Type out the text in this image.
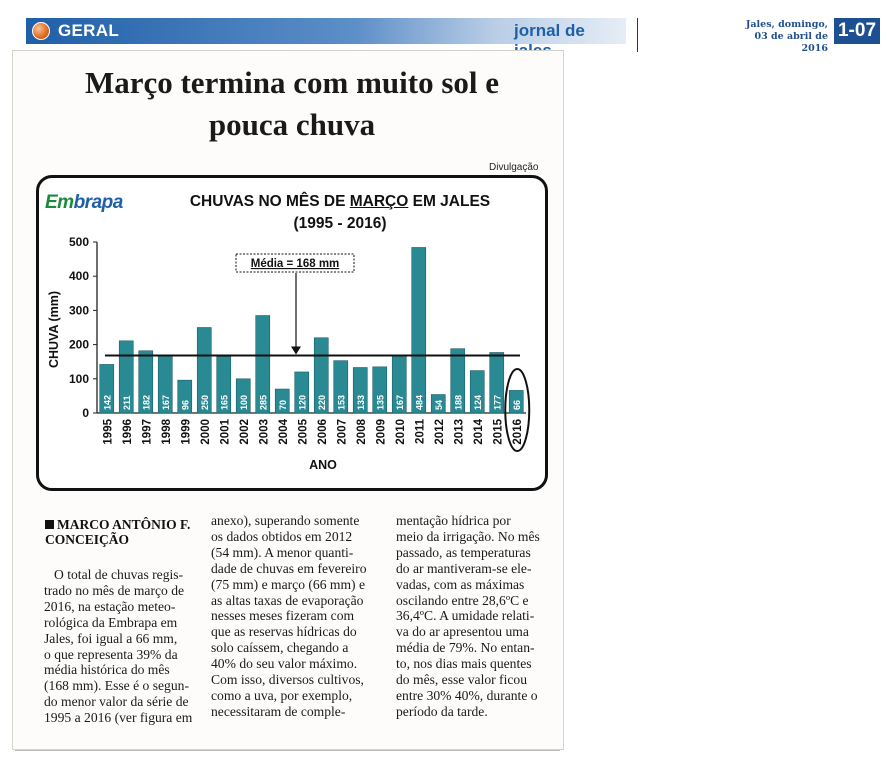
GERAL	jornal de	Jales, domingo,
03 de abril de 2016
1-07
Março termina com muito sol e
pouca chuva
Divulgação
Embrapa	CHUVAS NO MÊS DE MARÇO EM JALES
(1995 - 2016)
0
100
200
300
400
500
142
1995
211
1996
182
1997
167
1998
96
1999
250
2000
165
2001
100
2002
285
2003
70
2004
120
2005
220
2006
153
2007
133
2008
135
2009
167
2010
484
2011
54
2012
188
2013
124
2014
177
2015
66
2016
Média = 168 mm
CHUVA (mm)
ANO
MARCO ANTÔNIO F.
CONCEIÇÃO
O total de chuvas regis-
trado no mês de março de
2016, na estação meteo-
rológica da Embrapa em
Jales, foi igual a 66 mm,
o que representa 39% da
média histórica do mês
(168 mm). Esse é o segun-
do menor valor da série de
1995 a 2016 (ver figura em
anexo), superando somente
os dados obtidos em 2012
(54 mm). A menor quanti-
dade de chuvas em fevereiro
(75 mm) e março (66 mm) e
as altas taxas de evaporação
nesses meses fizeram com
que as reservas hídricas do
solo caíssem, chegando a
40% do seu valor máximo.
Com isso, diversos cultivos,
como a uva, por exemplo,
necessitaram de comple-
mentação hídrica por
meio da irrigação. No mês
passado, as temperaturas
do ar mantiveram-se ele-
vadas, com as máximas
oscilando entre 28,6ºC e
36,4ºC. A umidade relati-
va do ar apresentou uma
média de 79%. No entan-
to, nos dias mais quentes
do mês, esse valor ficou
entre 30% 40%, durante o
período da tarde.
